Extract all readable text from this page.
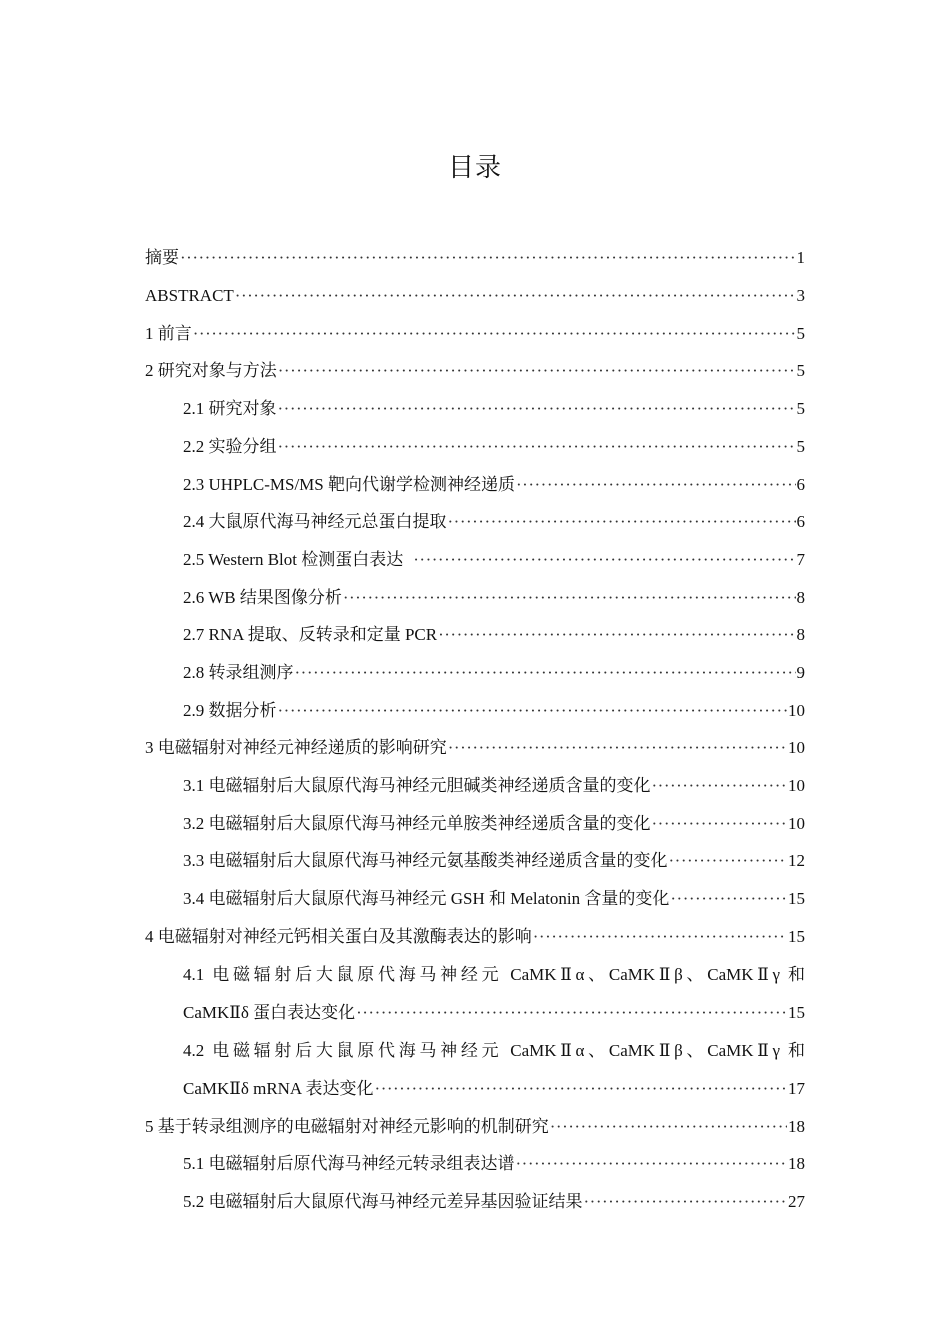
目录
摘要 ·····	1
ABSTRACT ·····	3
1 前言 ·····	5
2 研究对象与方法 ·····	5
2.1 研究对象 ·····	5
2.2 实验分组 ·····	5
2.3 UHPLC-MS/MS 靶向代谢学检测神经递质 ·····	6
2.4 大鼠原代海马神经元总蛋白提取 ·····	6
2.5 Western Blot 检测蛋白表达 ·····	7
2.6 WB 结果图像分析 ·····	8
2.7 RNA 提取、反转录和定量 PCR ·····	8
2.8 转录组测序 ·····	9
2.9 数据分析 ·····	10
3 电磁辐射对神经元神经递质的影响研究 ·····	10
3.1 电磁辐射后大鼠原代海马神经元胆碱类神经递质含量的变化 ·····	10
3.2 电磁辐射后大鼠原代海马神经元单胺类神经递质含量的变化 ·····	10
3.3 电磁辐射后大鼠原代海马神经元氨基酸类神经递质含量的变化 ·····	12
3.4 电磁辐射后大鼠原代海马神经元 GSH 和 Melatonin 含量的变化 ·····	15
4 电磁辐射对神经元钙相关蛋白及其激酶表达的影响 ·····	15
4.1 电磁辐射后大鼠原代海马神经元 CaMKⅡα、CaMKⅡβ、CaMKⅡγ 和
CaMKⅡδ 蛋白表达变化 ·····	15
4.2 电磁辐射后大鼠原代海马神经元 CaMKⅡα、CaMKⅡβ、CaMKⅡγ 和
CaMKⅡδ mRNA 表达变化 ·····	17
5 基于转录组测序的电磁辐射对神经元影响的机制研究 ·····	18
5.1 电磁辐射后原代海马神经元转录组表达谱 ·····	18
5.2 电磁辐射后大鼠原代海马神经元差异基因验证结果 ·····	27
